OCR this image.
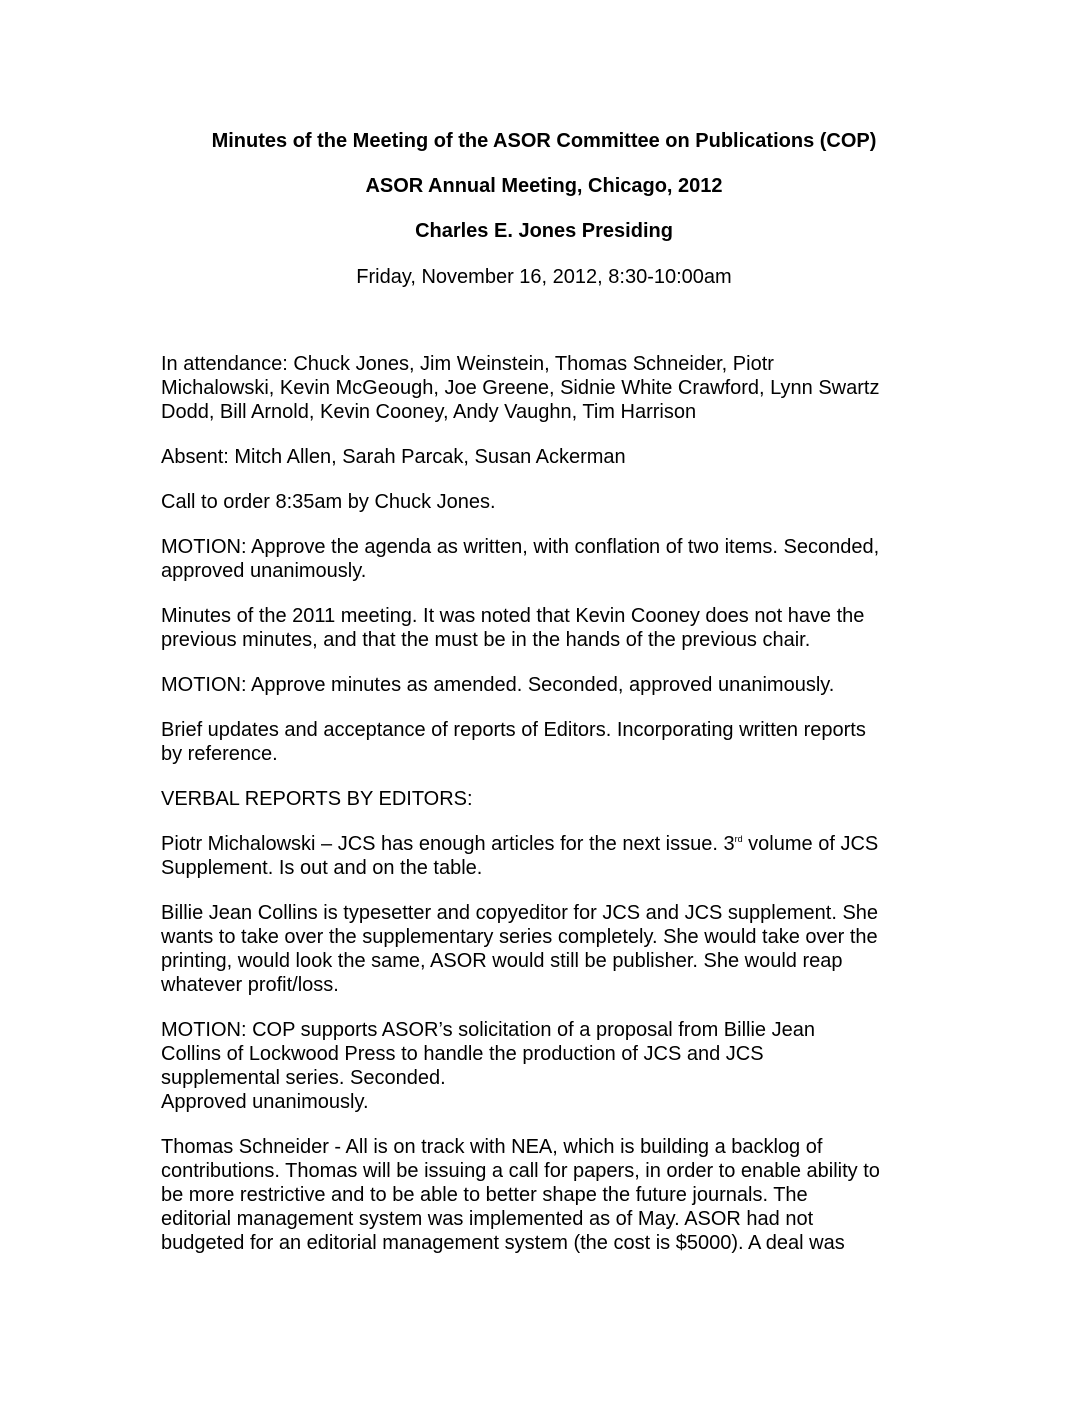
Minutes of the Meeting of the ASOR Committee on Publications (COP)
ASOR Annual Meeting, Chicago, 2012
Charles E. Jones Presiding
Friday, November 16, 2012, 8:30-10:00am

In attendance: Chuck Jones, Jim Weinstein, Thomas Schneider, Piotr
Michalowski, Kevin McGeough, Joe Greene, Sidnie White Crawford, Lynn Swartz
Dodd, Bill Arnold, Kevin Cooney, Andy Vaughn, Tim Harrison

Absent: Mitch Allen, Sarah Parcak, Susan Ackerman

Call to order 8:35am by Chuck Jones.

MOTION: Approve the agenda as written, with conflation of two items. Seconded,
approved unanimously.

Minutes of the 2011 meeting. It was noted that Kevin Cooney does not have the
previous minutes, and that the must be in the hands of the previous chair.

MOTION: Approve minutes as amended. Seconded, approved unanimously.

Brief updates and acceptance of reports of Editors. Incorporating written reports
by reference.

VERBAL REPORTS BY EDITORS:

Piotr Michalowski – JCS has enough articles for the next issue. 3rd volume of JCS
Supplement. Is out and on the table.

Billie Jean Collins is typesetter and copyeditor for JCS and JCS supplement. She
wants to take over the supplementary series completely. She would take over the
printing, would look the same, ASOR would still be publisher. She would reap
whatever profit/loss.

MOTION: COP supports ASOR’s solicitation of a proposal from Billie Jean
Collins of Lockwood Press to handle the production of JCS and JCS
supplemental series. Seconded.

Approved unanimously.

Thomas Schneider - All is on track with NEA, which is building a backlog of
contributions. Thomas will be issuing a call for papers, in order to enable ability to
be more restrictive and to be able to better shape the future journals. The
editorial management system was implemented as of May. ASOR had not
budgeted for an editorial management system (the cost is $5000). A deal was
